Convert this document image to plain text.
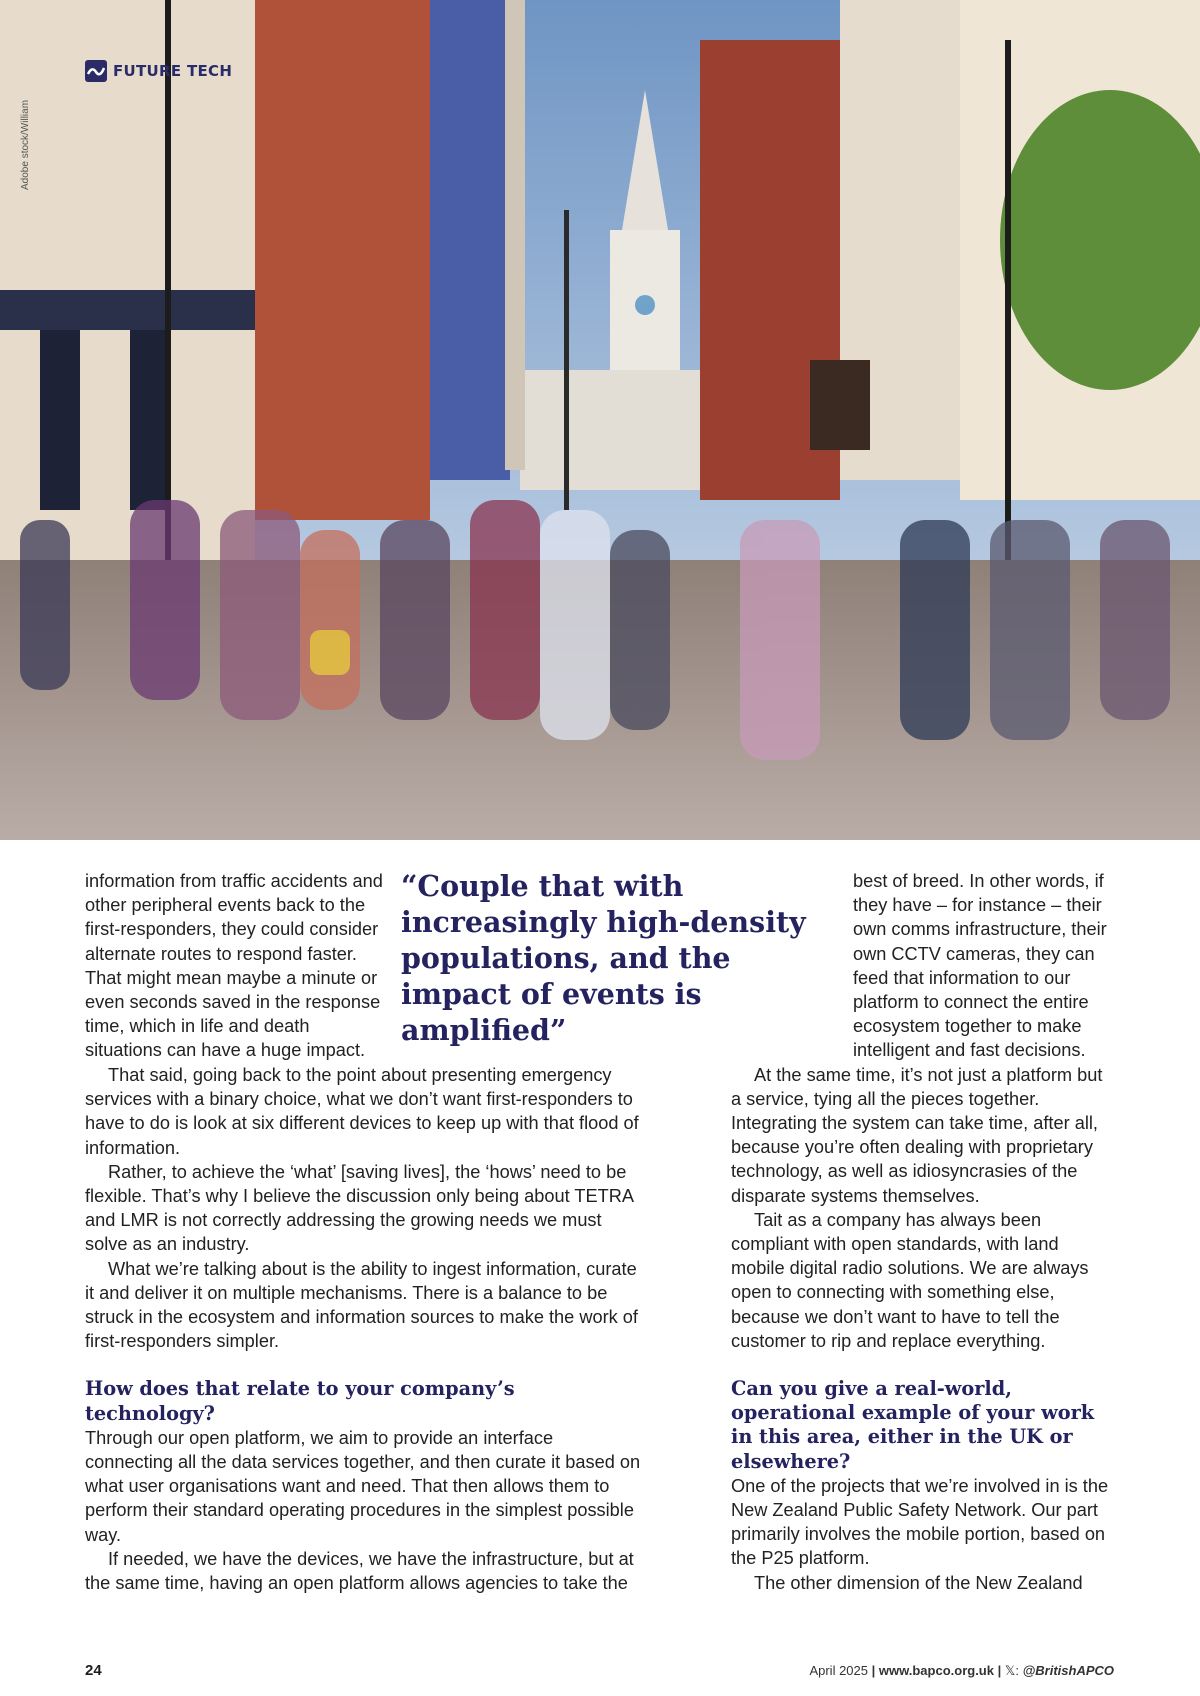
FUTURE TECH
Adobe stock/William

information from traffic accidents and other peripheral events back to the first-responders, they could consider alternate routes to respond faster. That might mean maybe a minute or even seconds saved in the response time, which in life and death situations can have a huge impact.

“Couple that with increasingly high-density populations, and the impact of events is amplified”

That said, going back to the point about presenting emergency services with a binary choice, what we don’t want first-responders to have to do is look at six different devices to keep up with that flood of information.

Rather, to achieve the ‘what’ [saving lives], the ‘hows’ need to be flexible. That’s why I believe the discussion only being about TETRA and LMR is not correctly addressing the growing needs we must solve as an industry.

What we’re talking about is the ability to ingest information, curate it and deliver it on multiple mechanisms. There is a balance to be struck in the ecosystem and information sources to make the work of first-responders simpler.

How does that relate to your company’s technology?

Through our open platform, we aim to provide an interface connecting all the data services together, and then curate it based on what user organisations want and need. That then allows them to perform their standard operating procedures in the simplest possible way.

If needed, we have the devices, we have the infrastructure, but at the same time, having an open platform allows agencies to take the

best of breed. In other words, if they have – for instance – their own comms infrastructure, their own CCTV cameras, they can feed that information to our platform to connect the entire ecosystem together to make intelligent and fast decisions.

At the same time, it’s not just a platform but a service, tying all the pieces together. Integrating the system can take time, after all, because you’re often dealing with proprietary technology, as well as idiosyncrasies of the disparate systems themselves.

Tait as a company has always been compliant with open standards, with land mobile digital radio solutions. We are always open to connecting with something else, because we don’t want to have to tell the customer to rip and replace everything.

Can you give a real-world, operational example of your work in this area, either in the UK or elsewhere?

One of the projects that we’re involved in is the New Zealand Public Safety Network. Our part primarily involves the mobile portion, based on the P25 platform.

The other dimension of the New Zealand

24	April 2025 | www.bapco.org.uk | 𝕏: @BritishAPCO
